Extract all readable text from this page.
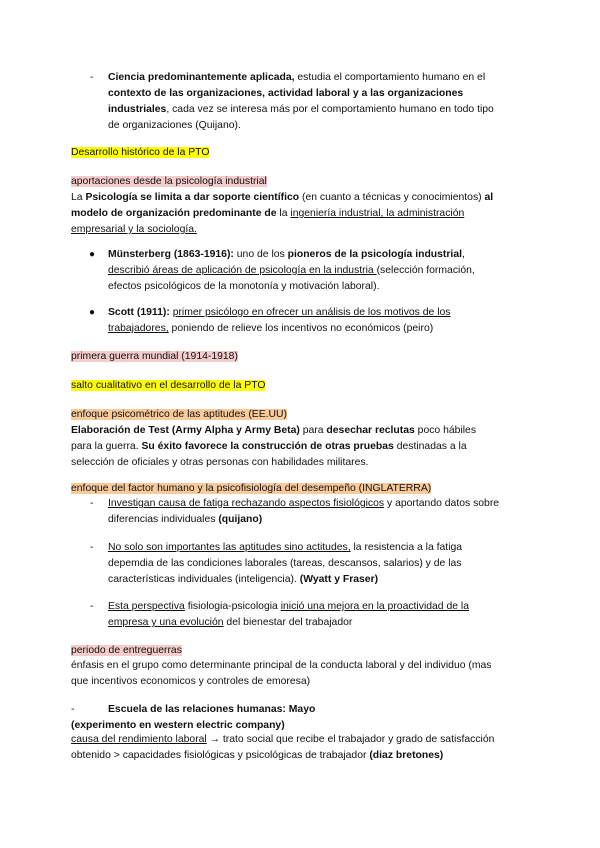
-	Ciencia predominantemente aplicada, estudia el comportamiento humano en el
contexto de las organizaciones, actividad laboral y a las organizaciones
industriales, cada vez se interesa más por el comportamiento humano en todo tipo
de organizaciones (Quijano).
Desarrollo histórico de la PTO
aportaciones desde la psicología industrial
La Psicología se limita a dar soporte científico (en cuanto a técnicas y conocimientos) al
modelo de organización predominante de la ingeniería industrial, la administración
empresarial y la sociología.
● Münsterberg (1863-1916): uno de los pioneros de la psicología industrial,
describió áreas de aplicación de psicología en la industria (selección formación,
efectos psicológicos de la monotonía y motivación laboral).
● Scott (1911): primer psicólogo en ofrecer un análisis de los motivos de los
trabajadores, poniendo de relieve los incentivos no económicos (peiro)
primera guerra mundial (1914-1918)
salto cualitativo en el desarrollo de la PTO
enfoque psicométrico de las aptitudes (EE.UU)
Elaboración de Test (Army Alpha y Army Beta) para desechar reclutas poco hábiles
para la guerra. Su éxito favorece la construcción de otras pruebas destinadas a la
selección de oficiales y otras personas con habilidades militares.
enfoque del factor humano y la psicofisiología del desempeño (INGLATERRA)
-	Investigan causa de fatiga rechazando aspectos fisiológicos y aportando datos sobre
diferencias individuales (quijano)
-	No solo son importantes las aptitudes sino actitudes, la resistencia a la fatiga
depemdia de las condiciones laborales (tareas, descansos, salarios) y de las
características individuales (inteligencia). (Wyatt y Fraser)
-	Esta perspectiva fisiologia-psicologia inició una mejora en la proactividad de la
empresa y una evolución del bienestar del trabajador
periodo de entreguerras
énfasis en el grupo como determinante principal de la conducta laboral y del individuo (mas
que incentivos economicos y controles de emoresa)
-	Escuela de las relaciones humanas: Mayo
(experimento en western electric company)
causa del rendimiento laboral → trato social que recibe el trabajador y grado de satisfacción
obtenido > capacidades fisiológicas y psicológicas de trabajador (diaz bretones)
